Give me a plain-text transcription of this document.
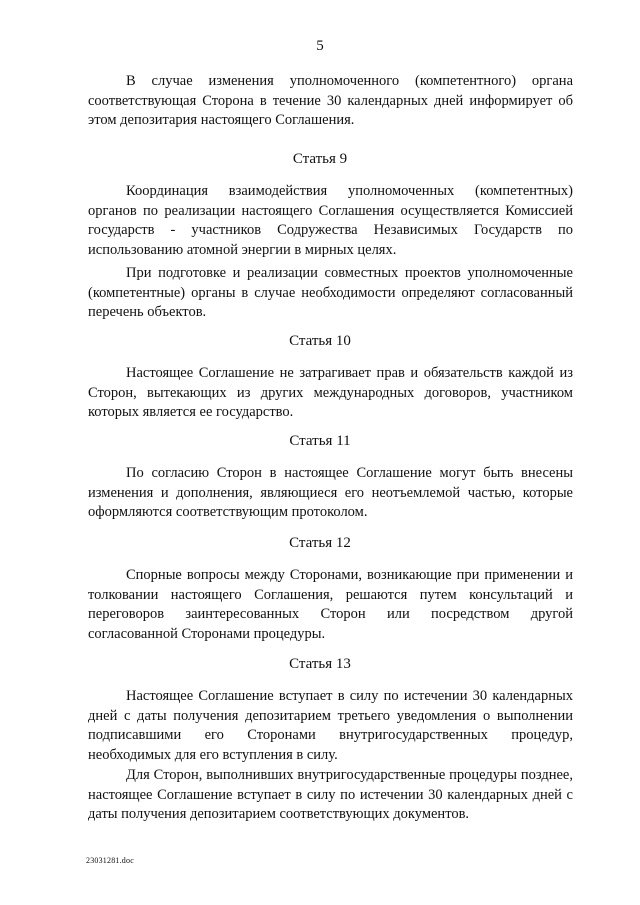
5
В случае изменения уполномоченного (компетентного) органа соответствующая Сторона в течение 30 календарных дней информирует об этом депозитария настоящего Соглашения.
Статья 9
Координация взаимодействия уполномоченных (компетентных) органов по реализации настоящего Соглашения осуществляется Комиссией государств - участников Содружества Независимых Государств по использованию атомной энергии в мирных целях.
При подготовке и реализации совместных проектов уполномоченные (компетентные) органы в случае необходимости определяют согласованный перечень объектов.
Статья 10
Настоящее Соглашение не затрагивает прав и обязательств каждой из Сторон, вытекающих из других международных договоров, участником которых является ее государство.
Статья 11
По согласию Сторон в настоящее Соглашение могут быть внесены изменения и дополнения, являющиеся его неотъемлемой частью, которые оформляются соответствующим протоколом.
Статья 12
Спорные вопросы между Сторонами, возникающие при применении и толковании настоящего Соглашения, решаются путем консультаций и переговоров заинтересованных Сторон или посредством другой согласованной Сторонами процедуры.
Статья 13
Настоящее Соглашение вступает в силу по истечении 30 календарных дней с даты получения депозитарием третьего уведомления о выполнении подписавшими его Сторонами внутригосударственных процедур, необходимых для его вступления в силу.
Для Сторон, выполнивших внутригосударственные процедуры позднее, настоящее Соглашение вступает в силу по истечении 30 календарных дней с даты получения депозитарием соответствующих документов.
23031281.doc
